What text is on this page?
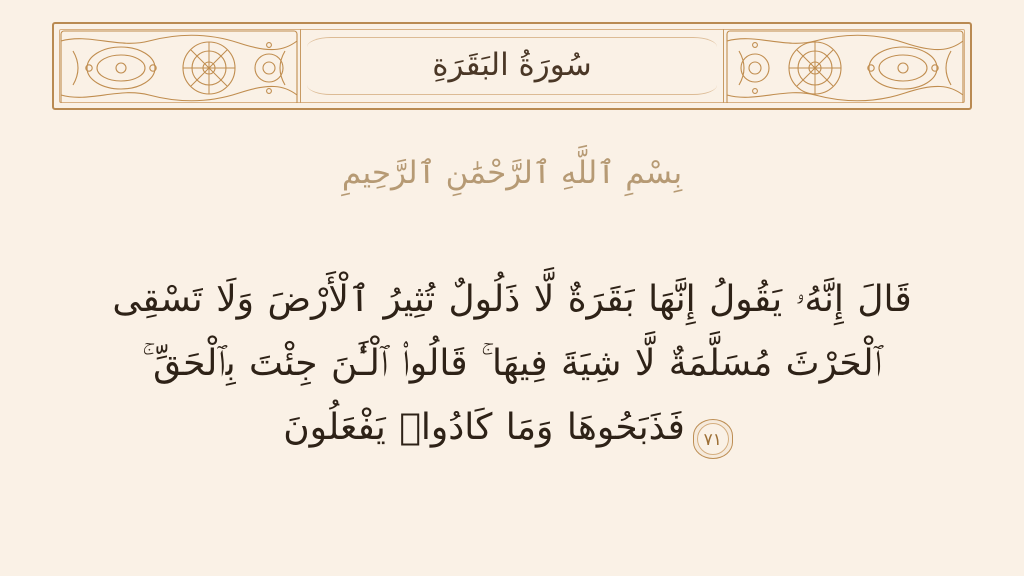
سُورَةُ البَقَرَةِ
بِسْمِ ٱللَّهِ ٱلرَّحْمَٰنِ ٱلرَّحِيمِ
قَالَ إِنَّهُۥ يَقُولُ إِنَّهَا بَقَرَةٌ لَّا ذَلُولٌ تُثِيرُ ٱلْأَرْضَ وَلَا تَسْقِى
ٱلْحَرْثَ مُسَلَّمَةٌ لَّا شِيَةَ فِيهَا ۚ قَالُوا۟ ٱلْـَٰٔنَ جِئْتَ بِٱلْحَقِّ ۚ
٧١فَذَبَحُوهَا وَمَا كَادُوا۟ يَفْعَلُونَ
